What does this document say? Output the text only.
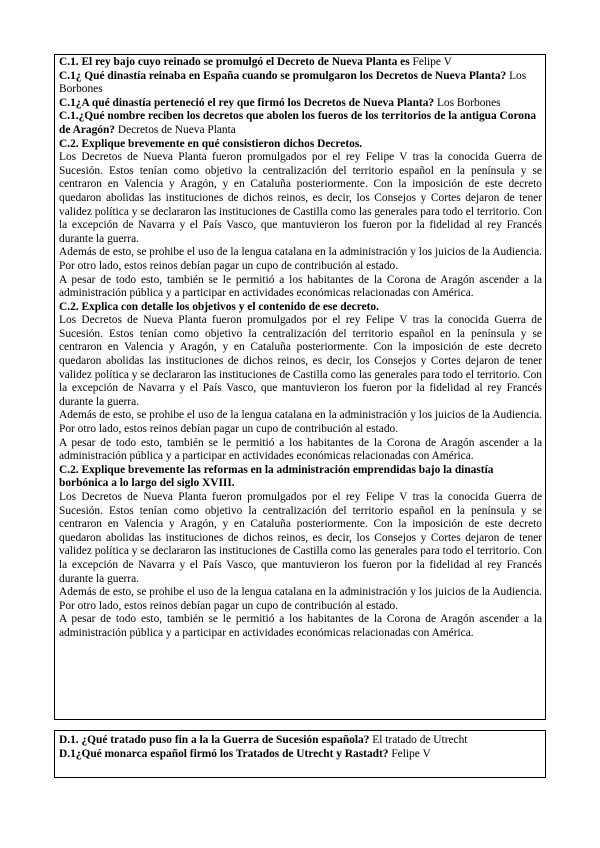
C.1. El rey bajo cuyo reinado se promulgó el Decreto de Nueva Planta es Felipe V
C.1¿ Qué dinastía reinaba en España cuando se promulgaron los Decretos de Nueva Planta? Los Borbones
C.1¿A qué dinastía perteneció el rey que firmó los Decretos de Nueva Planta? Los Borbones
C.1.¿Qué nombre reciben los decretos que abolen los fueros de los territorios de la antigua Corona de Aragón? Decretos de Nueva Planta
C.2. Explique brevemente en qué consistieron dichos Decretos.

Los Decretos de Nueva Planta fueron promulgados por el rey Felipe V tras la conocida Guerra de Sucesión. Estos tenían como objetivo la centralización del territorio español en la península y se centraron en Valencia y Aragón, y en Cataluña posteriormente. Con la imposición de este decreto quedaron abolidas las instituciones de dichos reinos, es decir, los Consejos y Cortes dejaron de tener validez política y se declararon las instituciones de Castilla como las generales para todo el territorio. Con la excepción de Navarra y el País Vasco, que mantuvieron los fueron por la fidelidad al rey Francés durante la guerra.

Además de esto, se prohibe el uso de la lengua catalana en la administración y los juicios de la Audiencia. Por otro lado, estos reinos debían pagar un cupo de contribución al estado.

A pesar de todo esto, también se le permitió a los habitantes de la Corona de Aragón ascender a la administración pública y a participar en actividades económicas relacionadas con América.

C.2. Explica con detalle los objetivos y el contenido de ese decreto.

Los Decretos de Nueva Planta fueron promulgados por el rey Felipe V tras la conocida Guerra de Sucesión. Estos tenían como objetivo la centralización del territorio español en la península y se centraron en Valencia y Aragón, y en Cataluña posteriormente. Con la imposición de este decreto quedaron abolidas las instituciones de dichos reinos, es decir, los Consejos y Cortes dejaron de tener validez política y se declararon las instituciones de Castilla como las generales para todo el territorio. Con la excepción de Navarra y el País Vasco, que mantuvieron los fueron por la fidelidad al rey Francés durante la guerra.

Además de esto, se prohibe el uso de la lengua catalana en la administración y los juicios de la Audiencia. Por otro lado, estos reinos debían pagar un cupo de contribución al estado.

A pesar de todo esto, también se le permitió a los habitantes de la Corona de Aragón ascender a la administración pública y a participar en actividades económicas relacionadas con América.

C.2. Explique brevemente las reformas en la administración emprendidas bajo la dinastía borbónica a lo largo del siglo XVIII.

Los Decretos de Nueva Planta fueron promulgados por el rey Felipe V tras la conocida Guerra de Sucesión. Estos tenían como objetivo la centralización del territorio español en la península y se centraron en Valencia y Aragón, y en Cataluña posteriormente. Con la imposición de este decreto quedaron abolidas las instituciones de dichos reinos, es decir, los Consejos y Cortes dejaron de tener validez política y se declararon las instituciones de Castilla como las generales para todo el territorio. Con la excepción de Navarra y el País Vasco, que mantuvieron los fueron por la fidelidad al rey Francés durante la guerra.

Además de esto, se prohibe el uso de la lengua catalana en la administración y los juicios de la Audiencia. Por otro lado, estos reinos debían pagar un cupo de contribución al estado.

A pesar de todo esto, también se le permitió a los habitantes de la Corona de Aragón ascender a la administración pública y a participar en actividades económicas relacionadas con América.

D.1. ¿Qué tratado puso fin a la la Guerra de Sucesión española? El tratado de Utrecht
D.1¿Qué monarca español firmó los Tratados de Utrecht y Rastadt? Felipe V
